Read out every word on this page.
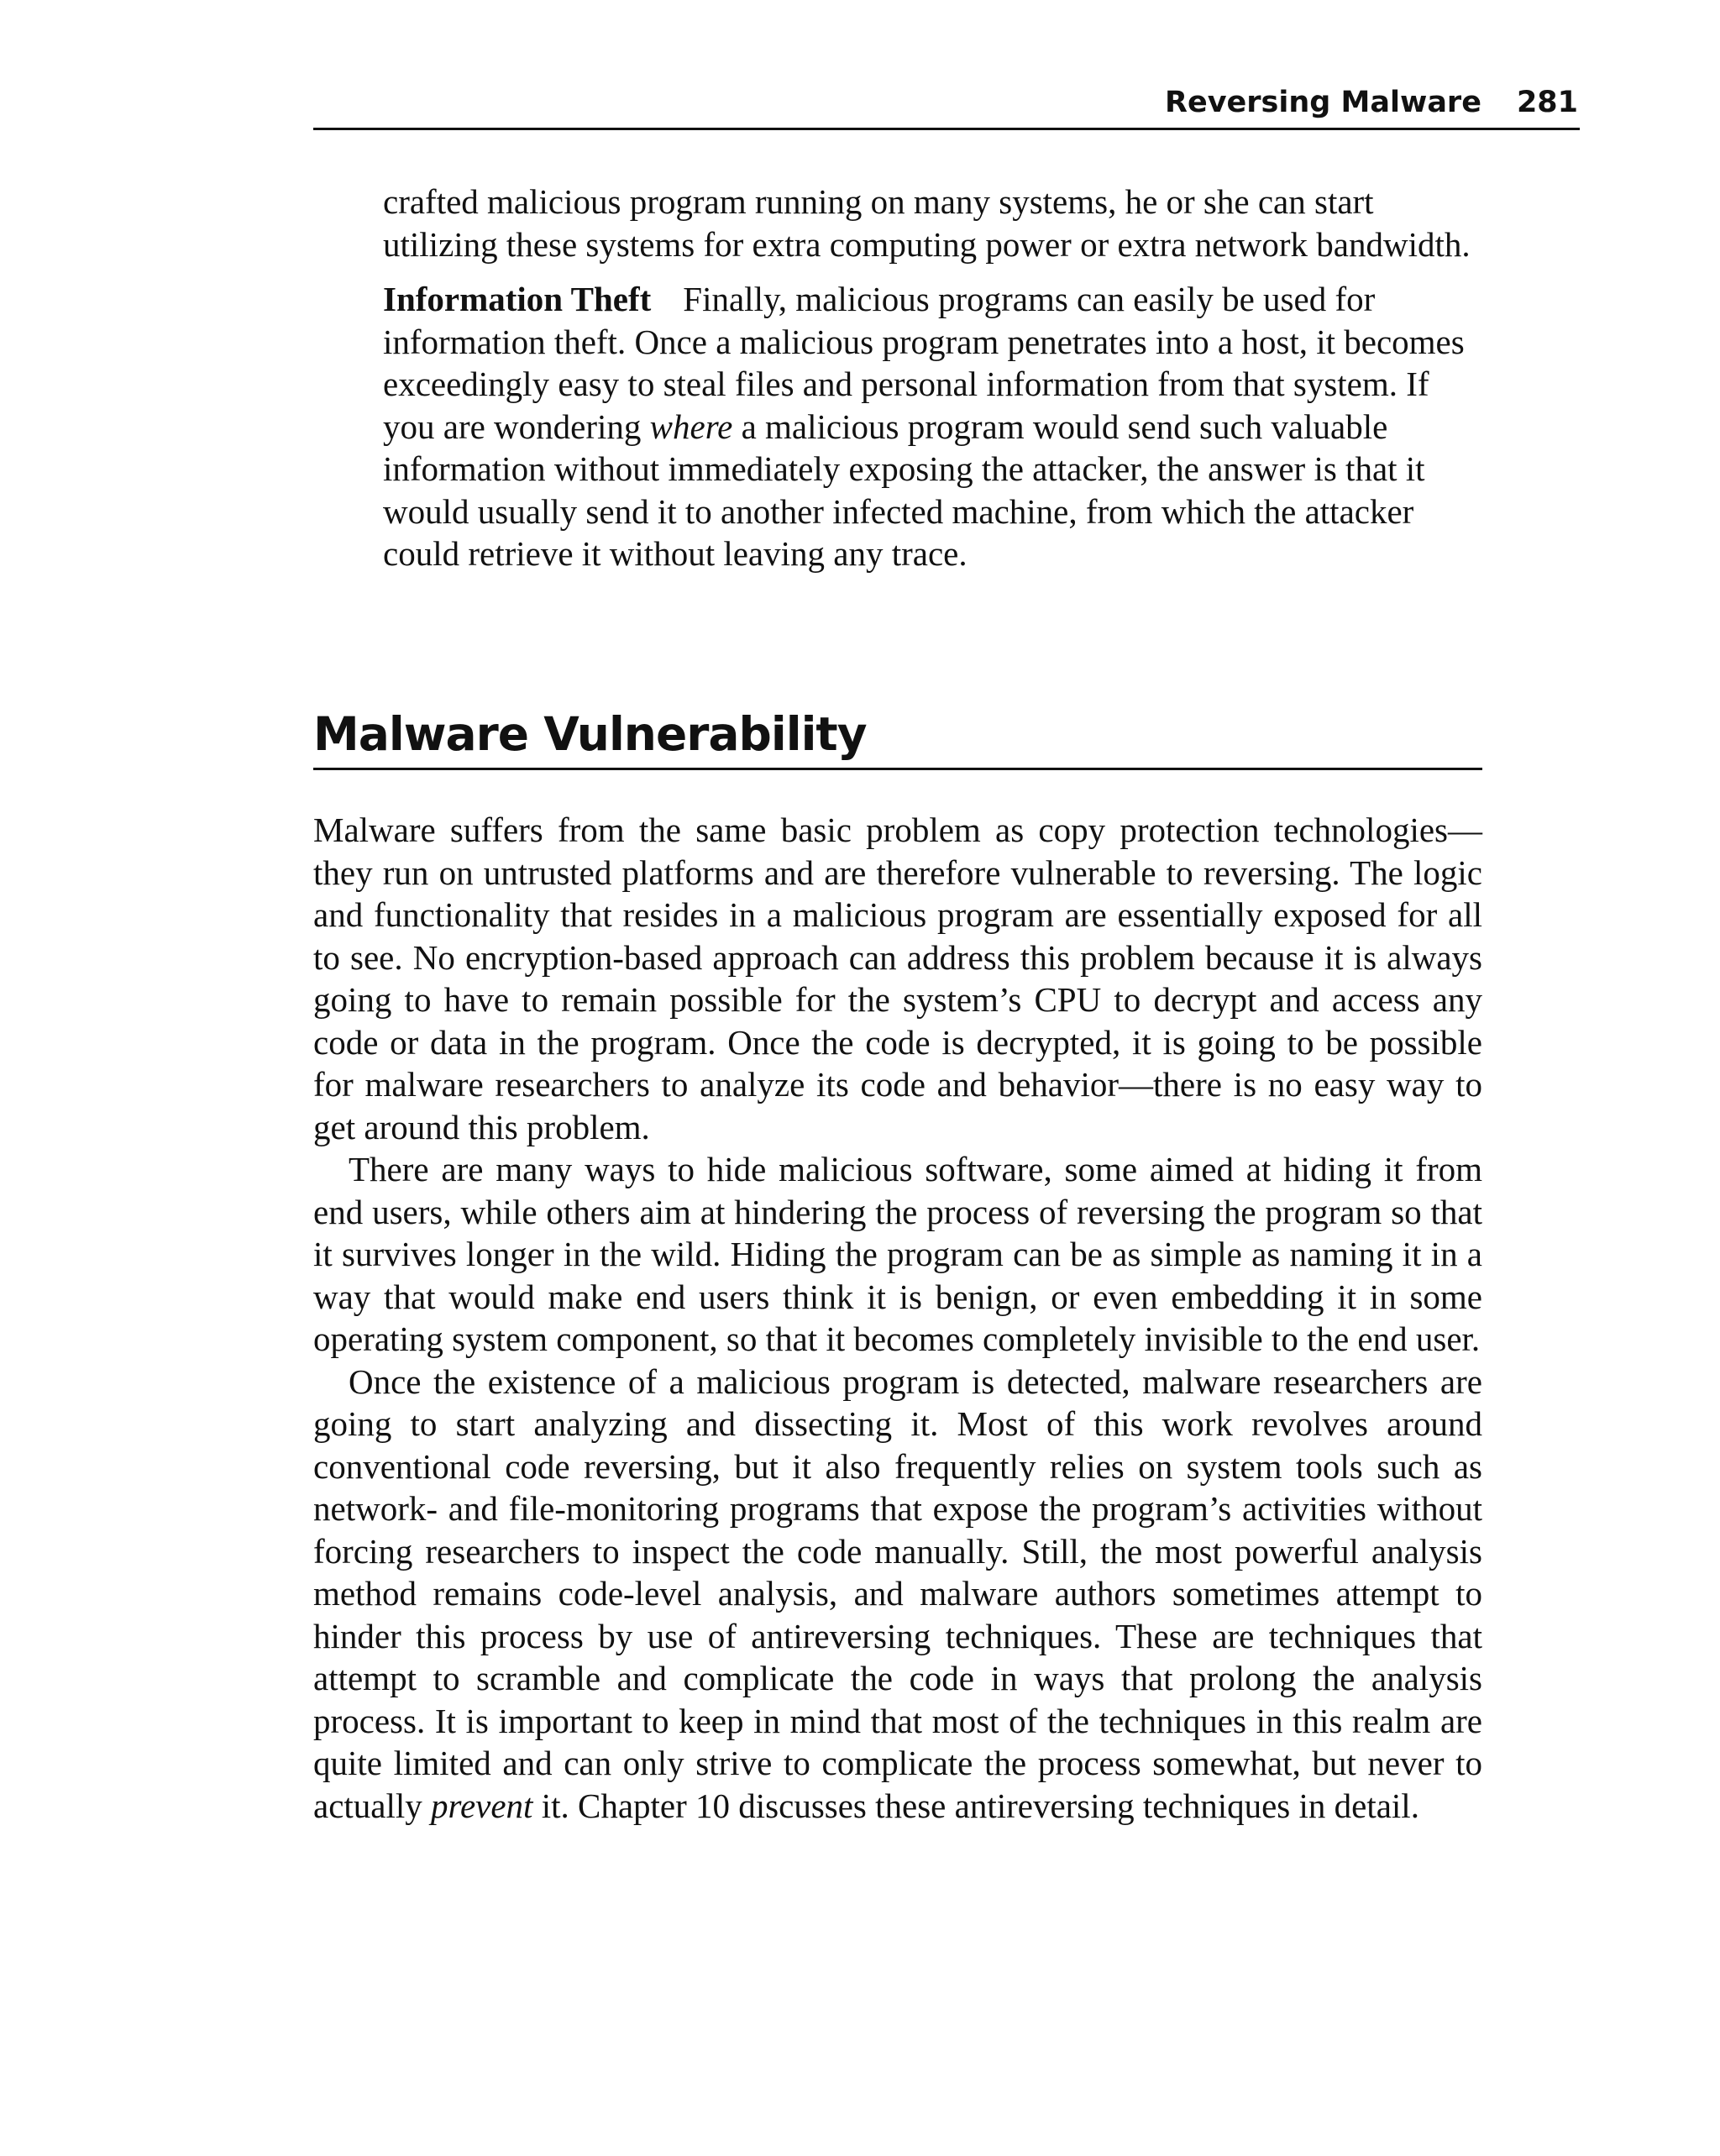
Reversing Malware 281

crafted malicious program running on many systems, he or she can start utilizing these systems for extra computing power or extra network bandwidth.

Information Theft Finally, malicious programs can easily be used for information theft. Once a malicious program penetrates into a host, it becomes exceedingly easy to steal files and personal information from that system. If you are wondering where a malicious program would send such valuable information without immediately exposing the attacker, the answer is that it would usually send it to another infected machine, from which the attacker could retrieve it without leaving any trace.

Malware Vulnerability

Malware suffers from the same basic problem as copy protection technologies—they run on untrusted platforms and are therefore vulnerable to reversing. The logic and functionality that resides in a malicious program are essentially exposed for all to see. No encryption-based approach can address this problem because it is always going to have to remain possible for the system’s CPU to decrypt and access any code or data in the program. Once the code is decrypted, it is going to be possible for malware researchers to analyze its code and behavior—there is no easy way to get around this problem.

There are many ways to hide malicious software, some aimed at hiding it from end users, while others aim at hindering the process of reversing the program so that it survives longer in the wild. Hiding the program can be as simple as naming it in a way that would make end users think it is benign, or even embedding it in some operating system component, so that it becomes completely invisible to the end user.

Once the existence of a malicious program is detected, malware researchers are going to start analyzing and dissecting it. Most of this work revolves around conventional code reversing, but it also frequently relies on system tools such as network- and file-monitoring programs that expose the program’s activities without forcing researchers to inspect the code manually. Still, the most powerful analysis method remains code-level analysis, and malware authors sometimes attempt to hinder this process by use of antireversing techniques. These are techniques that attempt to scramble and complicate the code in ways that prolong the analysis process. It is important to keep in mind that most of the techniques in this realm are quite limited and can only strive to complicate the process somewhat, but never to actually prevent it. Chapter 10 discusses these antireversing techniques in detail.
